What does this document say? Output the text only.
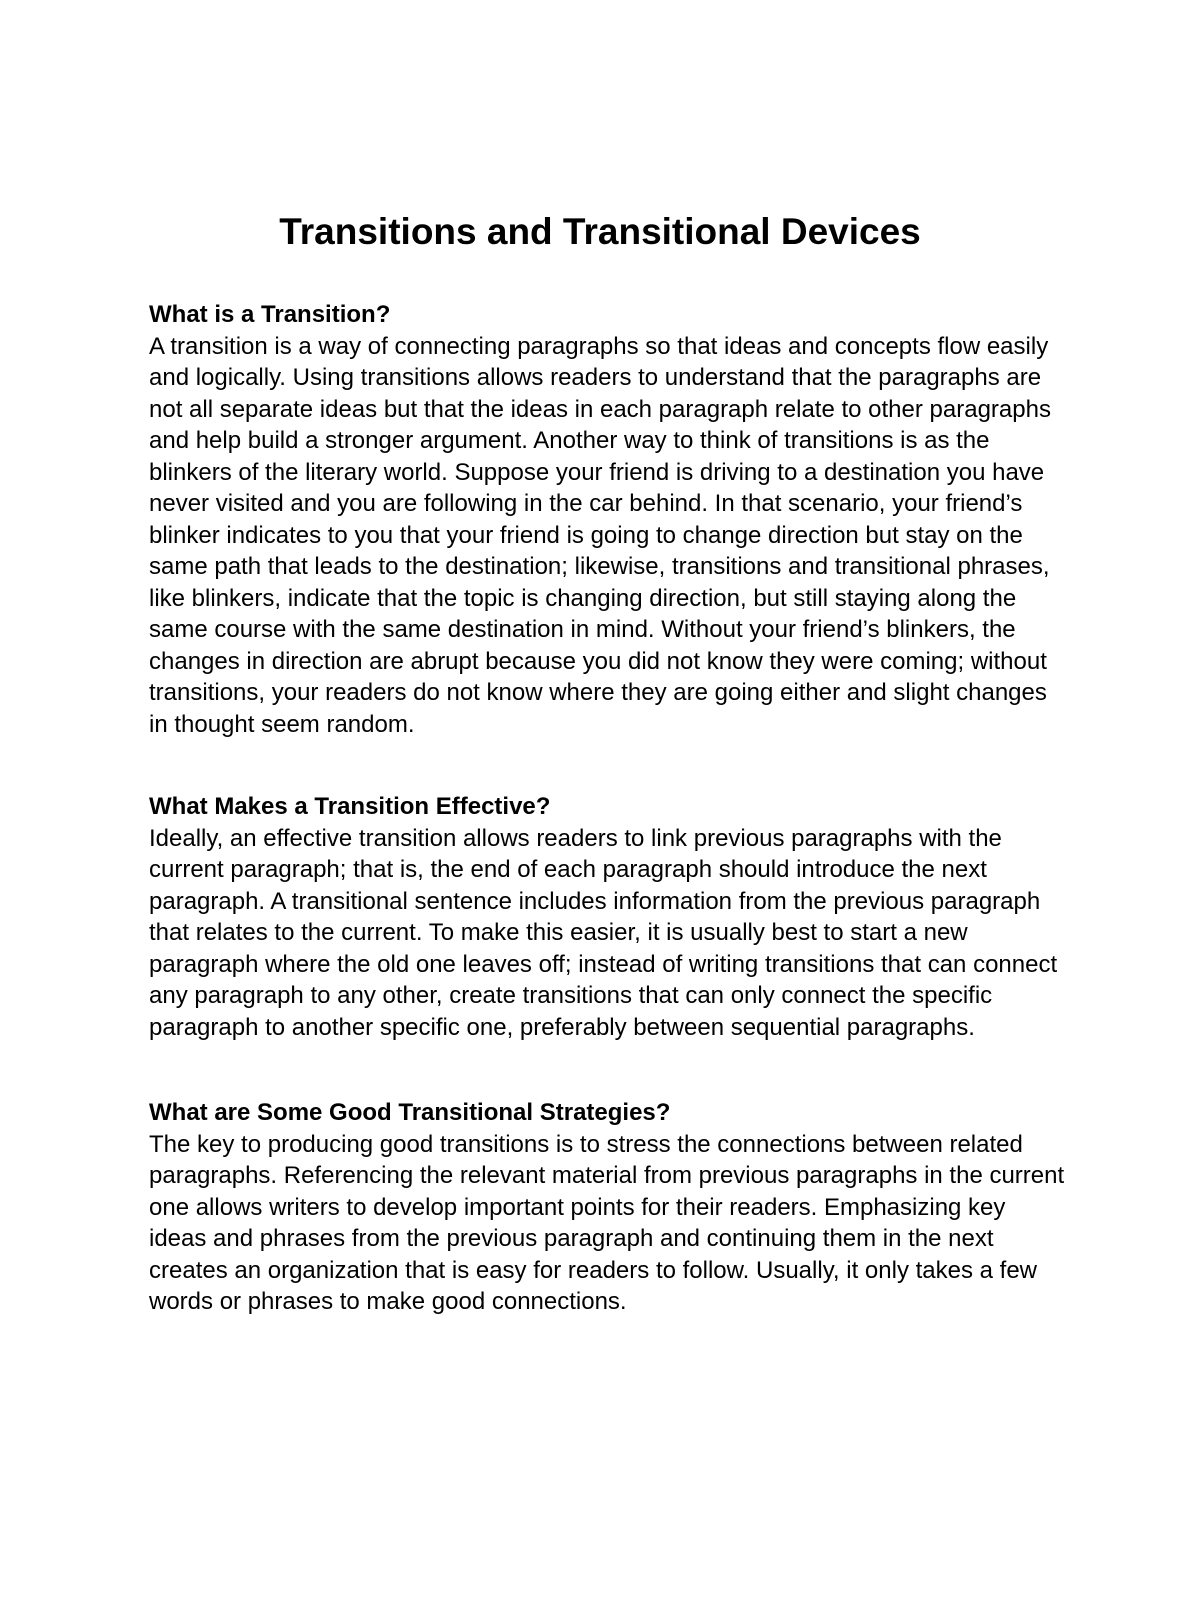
Transitions and Transitional Devices
What is a Transition?

A transition is a way of connecting paragraphs so that ideas and concepts flow easily and logically. Using transitions allows readers to understand that the paragraphs are not all separate ideas but that the ideas in each paragraph relate to other paragraphs and help build a stronger argument. Another way to think of transitions is as the blinkers of the literary world. Suppose your friend is driving to a destination you have never visited and you are following in the car behind. In that scenario, your friend’s blinker indicates to you that your friend is going to change direction but stay on the same path that leads to the destination; likewise, transitions and transitional phrases, like blinkers, indicate that the topic is changing direction, but still staying along the same course with the same destination in mind. Without your friend’s blinkers, the changes in direction are abrupt because you did not know they were coming; without transitions, your readers do not know where they are going either and slight changes in thought seem random.

What Makes a Transition Effective?

Ideally, an effective transition allows readers to link previous paragraphs with the current paragraph; that is, the end of each paragraph should introduce the next paragraph. A transitional sentence includes information from the previous paragraph that relates to the current. To make this easier, it is usually best to start a new paragraph where the old one leaves off; instead of writing transitions that can connect any paragraph to any other, create transitions that can only connect the specific paragraph to another specific one, preferably between sequential paragraphs.

What are Some Good Transitional Strategies?

The key to producing good transitions is to stress the connections between related paragraphs. Referencing the relevant material from previous paragraphs in the current one allows writers to develop important points for their readers. Emphasizing key ideas and phrases from the previous paragraph and continuing them in the next creates an organization that is easy for readers to follow. Usually, it only takes a few words or phrases to make good connections.
